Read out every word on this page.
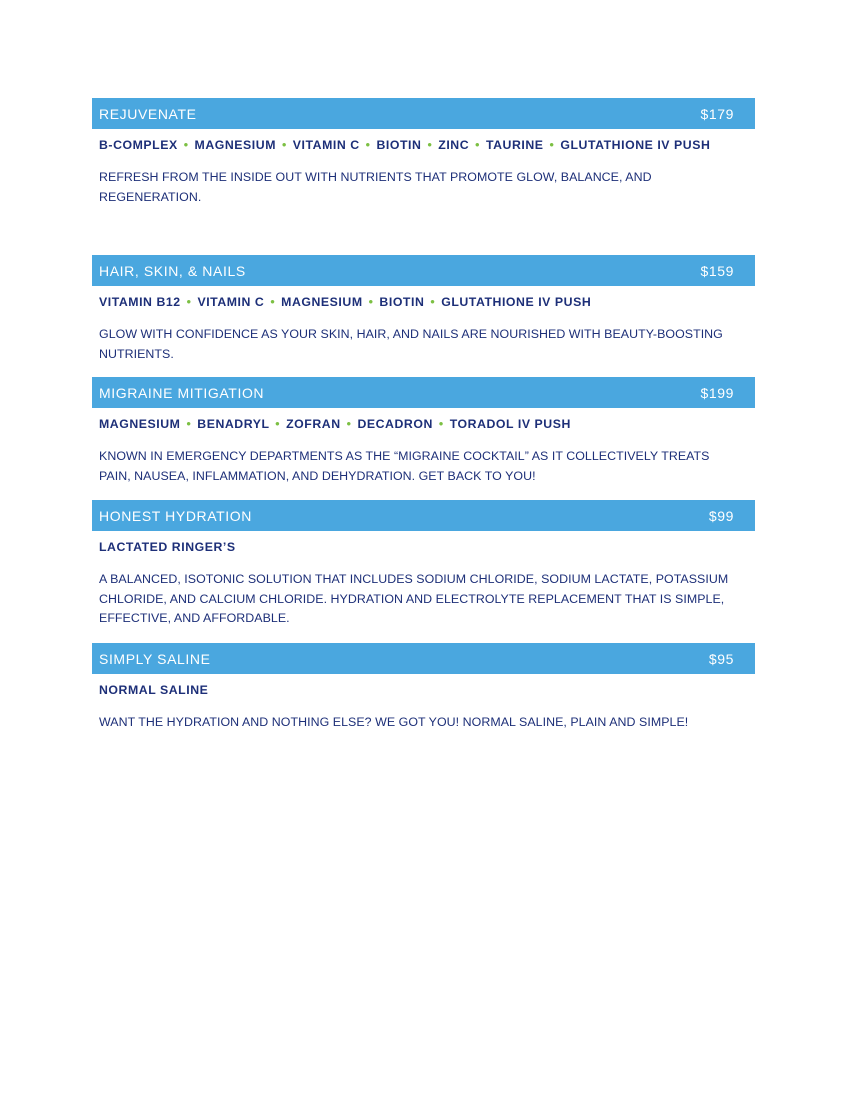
REJUVENATE	$179
B-COMPLEX • MAGNESIUM • VITAMIN C • BIOTIN • ZINC • TAURINE • GLUTATHIONE IV PUSH
REFRESH FROM THE INSIDE OUT WITH NUTRIENTS THAT PROMOTE GLOW, BALANCE, AND REGENERATION.
HAIR, SKIN, & NAILS	$159
VITAMIN B12 • VITAMIN C • MAGNESIUM • BIOTIN • GLUTATHIONE IV PUSH
GLOW WITH CONFIDENCE AS YOUR SKIN, HAIR, AND NAILS ARE NOURISHED WITH BEAUTY-BOOSTING NUTRIENTS.
MIGRAINE MITIGATION	$199
MAGNESIUM • BENADRYL • ZOFRAN • DECADRON • TORADOL IV PUSH
KNOWN IN EMERGENCY DEPARTMENTS AS THE “MIGRAINE COCKTAIL” AS IT COLLECTIVELY TREATS PAIN, NAUSEA, INFLAMMATION, AND DEHYDRATION. GET BACK TO YOU!
HONEST HYDRATION	$99
LACTATED RINGER’S
A BALANCED, ISOTONIC SOLUTION THAT INCLUDES SODIUM CHLORIDE, SODIUM LACTATE, POTASSIUM CHLORIDE, AND CALCIUM CHLORIDE. HYDRATION AND ELECTROLYTE REPLACEMENT THAT IS SIMPLE, EFFECTIVE, AND AFFORDABLE.
SIMPLY SALINE	$95
NORMAL SALINE
WANT THE HYDRATION AND NOTHING ELSE? WE GOT YOU! NORMAL SALINE, PLAIN AND SIMPLE!
